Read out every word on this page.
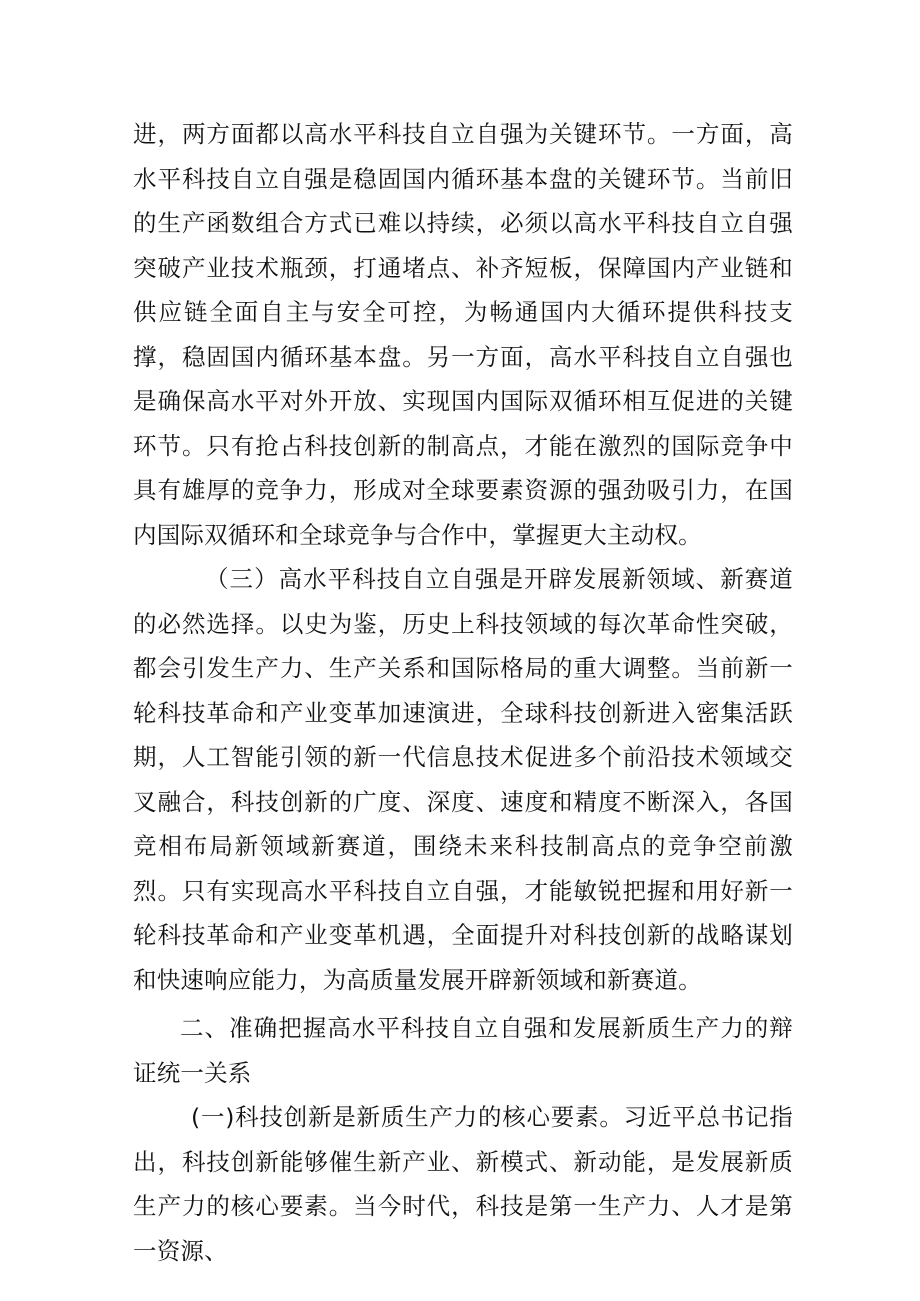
进，两方面都以高水平科技自立自强为关键环节。一方面，高水平科技自立自强是稳固国内循环基本盘的关键环节。当前旧的生产函数组合方式已难以持续，必须以高水平科技自立自强突破产业技术瓶颈，打通堵点、补齐短板，保障国内产业链和供应链全面自主与安全可控，为畅通国内大循环提供科技支撑，稳固国内循环基本盘。另一方面，高水平科技自立自强也是确保高水平对外开放、实现国内国际双循环相互促进的关键环节。只有抢占科技创新的制高点，才能在激烈的国际竞争中具有雄厚的竞争力，形成对全球要素资源的强劲吸引力，在国内国际双循环和全球竞争与合作中，掌握更大主动权。

（三）高水平科技自立自强是开辟发展新领域、新赛道的必然选择。以史为鉴，历史上科技领域的每次革命性突破，都会引发生产力、生产关系和国际格局的重大调整。当前新一轮科技革命和产业变革加速演进，全球科技创新进入密集活跃期，人工智能引领的新一代信息技术促进多个前沿技术领域交叉融合，科技创新的广度、深度、速度和精度不断深入，各国竞相布局新领域新赛道，围绕未来科技制高点的竞争空前激烈。只有实现高水平科技自立自强，才能敏锐把握和用好新一轮科技革命和产业变革机遇，全面提升对科技创新的战略谋划和快速响应能力，为高质量发展开辟新领域和新赛道。

二、准确把握高水平科技自立自强和发展新质生产力的辩证统一关系

(一)科技创新是新质生产力的核心要素。习近平总书记指出，科技创新能够催生新产业、新模式、新动能，是发展新质生产力的核心要素。当今时代，科技是第一生产力、人才是第一资源、
